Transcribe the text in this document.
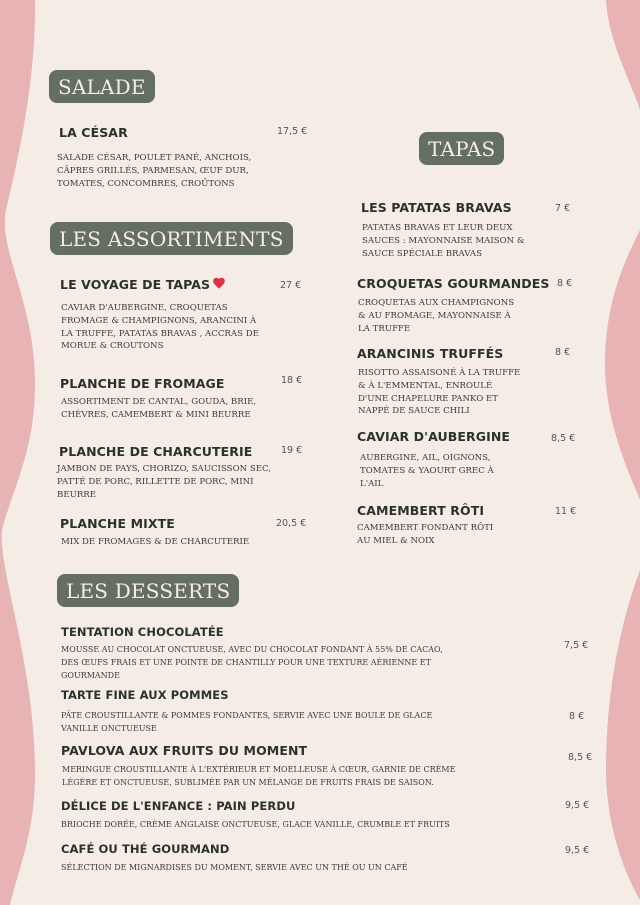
SALADE
LA CÉSAR	17,5 €
SALADE CÉSAR, POULET PANÉ, ANCHOIS, CÂPRES GRILLÉS, PARMESAN, ŒUF DUR, TOMATES, CONCOMBRES, CROÛTONS
LES ASSORTIMENTS
LE VOYAGE DE TAPAS	27 €
CAVIAR D'AUBERGINE, CROQUETAS FROMAGE & CHAMPIGNONS, ARANCINI À LA TRUFFE, PATATAS BRAVAS , ACCRAS DE MORUE & CROUTONS
PLANCHE DE FROMAGE	18 €
ASSORTIMENT DE CANTAL, GOUDA, BRIE, CHÈVRES, CAMEMBERT & MINI BEURRE
PLANCHE DE CHARCUTERIE	19 €
JAMBON DE PAYS, CHORIZO, SAUCISSON SEC, PATTÉ DE PORC, RILLETTE DE PORC, MINI BEURRE
PLANCHE MIXTE	20,5 €
MIX DE FROMAGES & DE CHARCUTERIE
TAPAS
LES PATATAS BRAVAS	7 €
PATATAS BRAVAS ET LEUR DEUX SAUCES : MAYONNAISE MAISON & SAUCE SPÉCIALE BRAVAS
CROQUETAS GOURMANDES 8 €
CROQUETAS AUX CHAMPIGNONS & AU FROMAGE, MAYONNAISE À LA TRUFFE
ARANCINIS TRUFFÉS	8 €
RISOTTO ASSAISONÉ À LA TRUFFE & À L'EMMENTAL, ENROULÉ D'UNE CHAPELURE PANKO ET NAPPÉ DE SAUCE CHILI
CAVIAR D'AUBERGINE	8,5 €
AUBERGINE, AIL, OIGNONS, TOMATES & YAOURT GREC À L'AIL
CAMEMBERT RÔTI	11 €
CAMEMBERT FONDANT RÔTI AU MIEL & NOIX
LES DESSERTS
TENTATION CHOCOLATÉE
7,5 €
MOUSSE AU CHOCOLAT ONCTUEUSE, AVEC DU CHOCOLAT FONDANT À 55% DE CACAO, DES ŒUFS FRAIS ET UNE POINTE DE CHANTILLY POUR UNE TEXTURE AÉRIENNE ET GOURMANDE
TARTE FINE AUX POMMES
8 €
PÂTE CROUSTILLANTE & POMMES FONDANTES, SERVIE AVEC UNE BOULE DE GLACE VANILLE ONCTUEUSE
PAVLOVA AUX FRUITS DU MOMENT	8,5 €
MERINGUE CROUSTILLANTE À L'EXTÉRIEUR ET MOELLEUSE À CŒUR, GARNIE DE CRÈME LÉGÈRE ET ONCTUEUSE, SUBLIMÉE PAR UN MÉLANGE DE FRUITS FRAIS DE SAISON.
DÉLICE DE L'ENFANCE : PAIN PERDU	9,5 €
BRIOCHE DORÉE, CRÈME ANGLAISE ONCTUEUSE, GLACE VANILLE, CRUMBLE ET FRUITS
CAFÉ OU THÉ GOURMAND	9,5 €
SÉLECTION DE MIGNARDISES DU MOMENT, SERVIE AVEC UN THÉ OU UN CAFÉ
